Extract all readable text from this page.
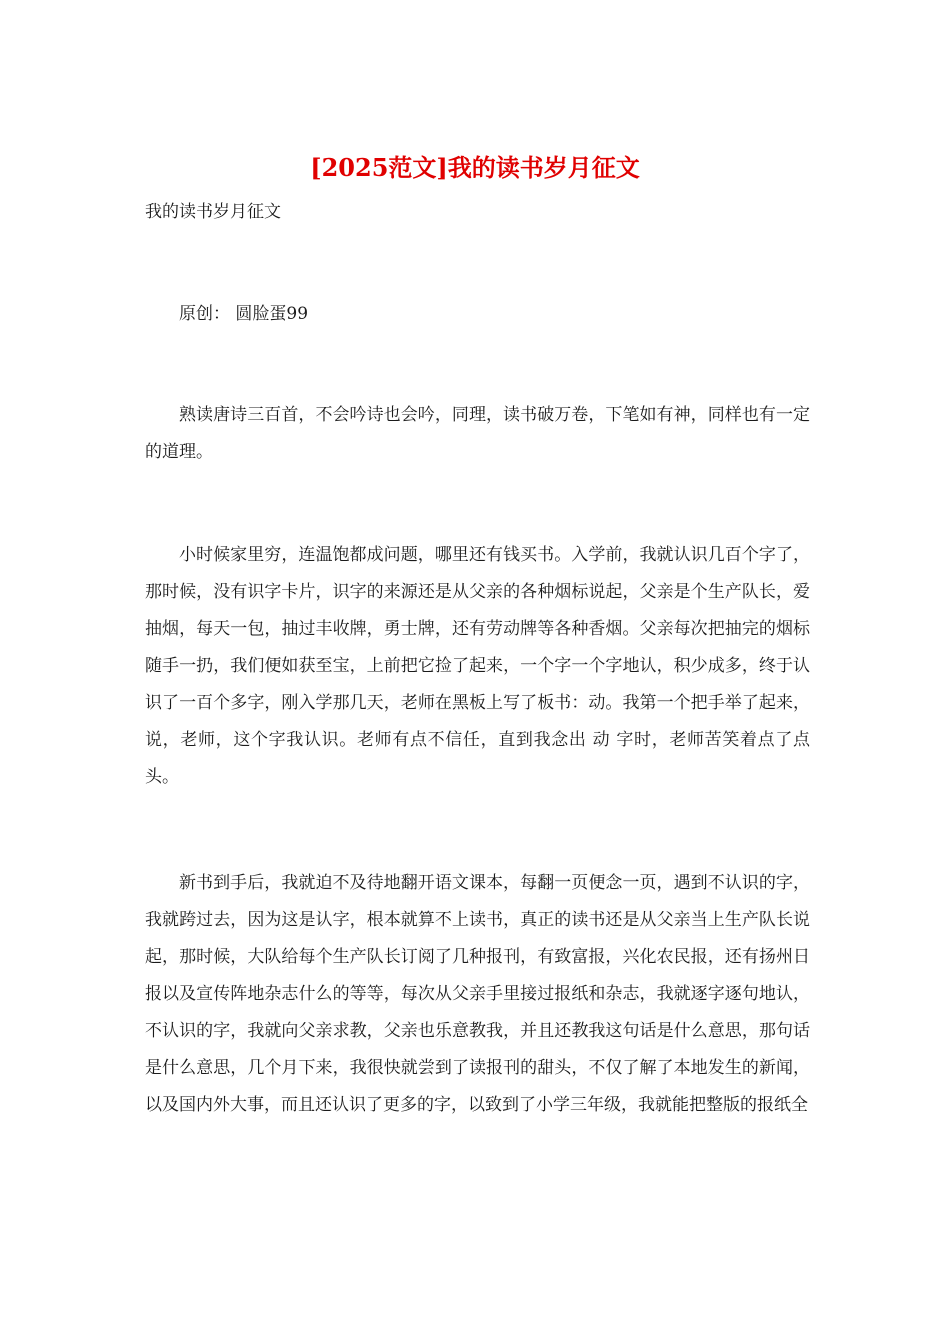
[2025范文]我的读书岁月征文

我的读书岁月征文

原创： 圆脸蛋99

熟读唐诗三百首，不会吟诗也会吟，同理，读书破万卷，下笔如有神，同样也有一定的道理。

小时候家里穷，连温饱都成问题，哪里还有钱买书。入学前，我就认识几百个字了，那时候，没有识字卡片，识字的来源还是从父亲的各种烟标说起，父亲是个生产队长，爱抽烟，每天一包，抽过丰收牌，勇士牌，还有劳动牌等各种香烟。父亲每次把抽完的烟标随手一扔，我们便如获至宝，上前把它捡了起来，一个字一个字地认，积少成多，终于认识了一百个多字，刚入学那几天，老师在黑板上写了板书：动。我第一个把手举了起来，说，老师，这个字我认识。老师有点不信任，直到我念出 动 字时，老师苦笑着点了点头。

新书到手后，我就迫不及待地翻开语文课本，每翻一页便念一页，遇到不认识的字，我就跨过去，因为这是认字，根本就算不上读书，真正的读书还是从父亲当上生产队长说起，那时候，大队给每个生产队长订阅了几种报刊，有致富报，兴化农民报，还有扬州日报以及宣传阵地杂志什么的等等，每次从父亲手里接过报纸和杂志，我就逐字逐句地认，不认识的字，我就向父亲求教，父亲也乐意教我，并且还教我这句话是什么意思，那句话是什么意思，几个月下来，我很快就尝到了读报刊的甜头，不仅了解了本地发生的新闻，以及国内外大事，而且还认识了更多的字，以致到了小学三年级，我就能把整版的报纸全
